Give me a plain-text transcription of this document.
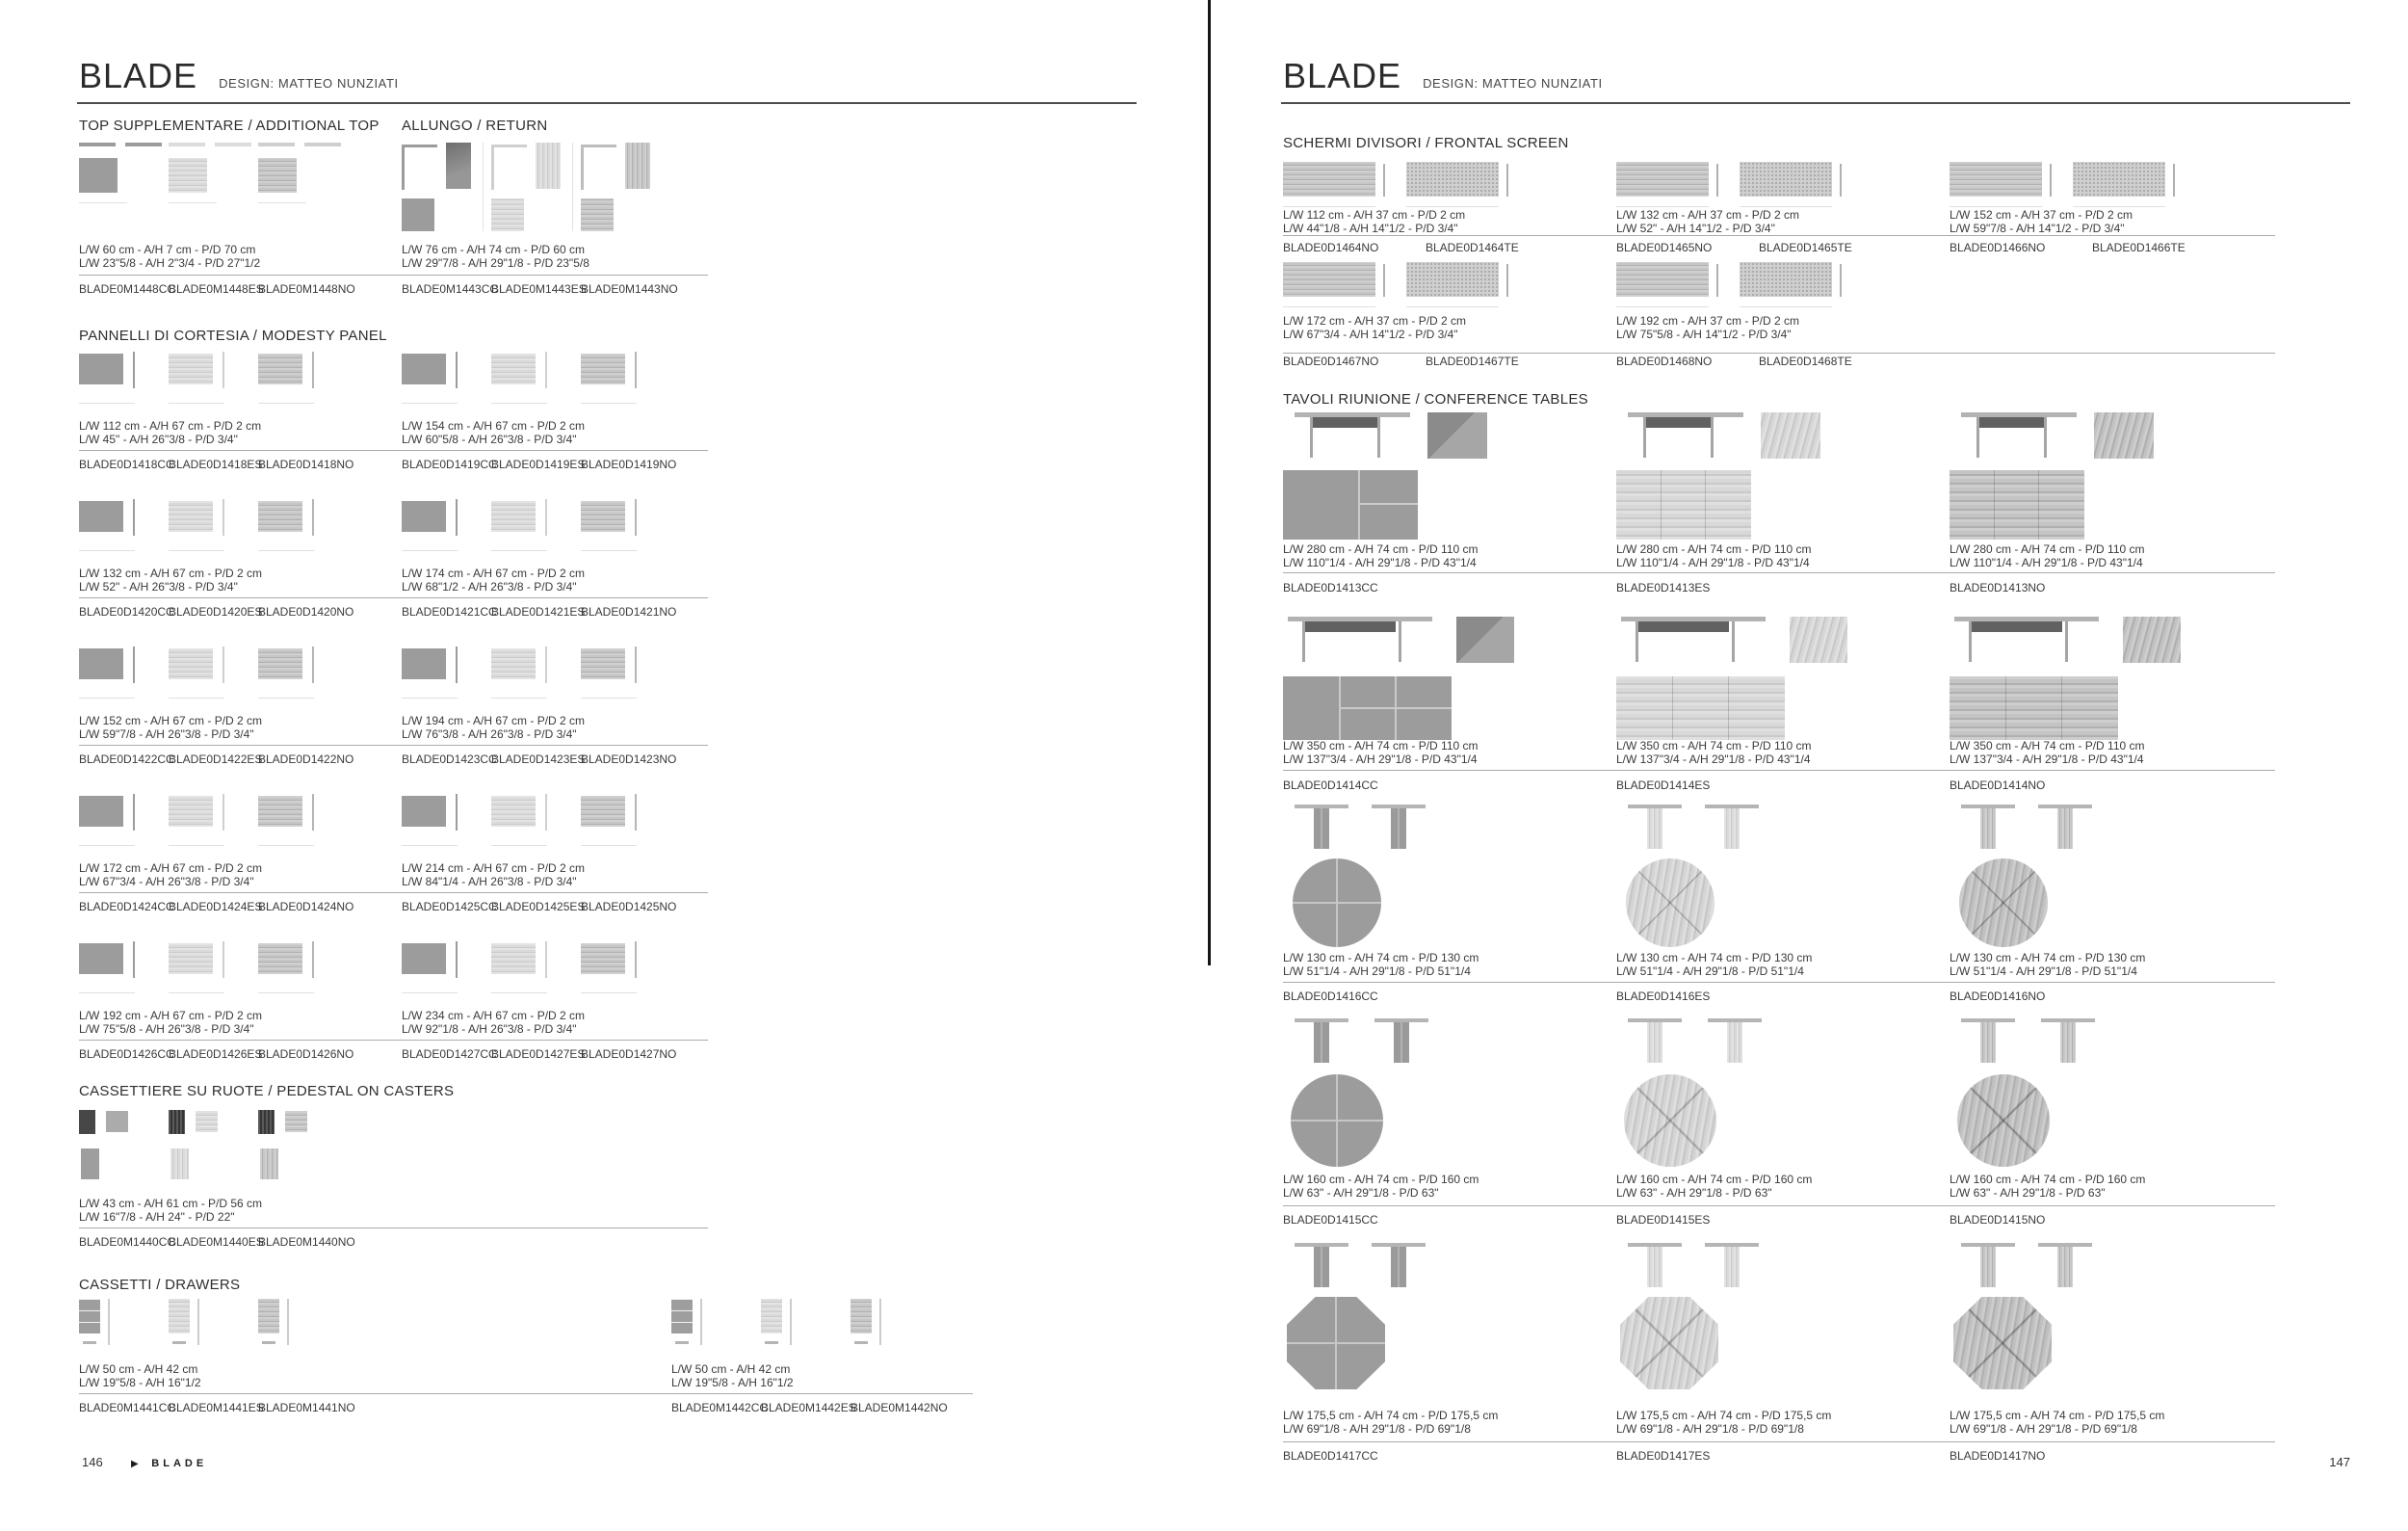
BLADE DESIGN: MATTEO NUNZIATI
TOP SUPPLEMENTARE / ADDITIONAL TOP ALLUNGO / RETURN
L/W 60 cm - A/H 7 cm - P/D 70 cm
L/W 23"5/8 - A/H 2"3/4 - P/D 27"1/2
BLADE0M1448CC
BLADE0M1448ES
BLADE0M1448NO
L/W 76 cm - A/H 74 cm - P/D 60 cm
L/W 29"7/8 - A/H 29"1/8 - P/D 23"5/8
BLADE0M1443CC
BLADE0M1443ES
BLADE0M1443NO
PANNELLI DI CORTESIA / MODESTY PANEL
L/W 112 cm - A/H 67 cm - P/D 2 cm
L/W 45" - A/H 26"3/8 - P/D 3/4"
BLADE0D1418CC
BLADE0D1418ES
BLADE0D1418NO
L/W 154 cm - A/H 67 cm - P/D 2 cm
L/W 60"5/8 - A/H 26"3/8 - P/D 3/4"
BLADE0D1419CC
BLADE0D1419ES
BLADE0D1419NO
L/W 132 cm - A/H 67 cm - P/D 2 cm
L/W 52" - A/H 26"3/8 - P/D 3/4"
BLADE0D1420CC
BLADE0D1420ES
BLADE0D1420NO
L/W 174 cm - A/H 67 cm - P/D 2 cm
L/W 68"1/2 - A/H 26"3/8 - P/D 3/4"
BLADE0D1421CC
BLADE0D1421ES
BLADE0D1421NO
L/W 152 cm - A/H 67 cm - P/D 2 cm
L/W 59"7/8 - A/H 26"3/8 - P/D 3/4"
BLADE0D1422CC
BLADE0D1422ES
BLADE0D1422NO
L/W 194 cm - A/H 67 cm - P/D 2 cm
L/W 76"3/8 - A/H 26"3/8 - P/D 3/4"
BLADE0D1423CC
BLADE0D1423ES
BLADE0D1423NO
L/W 172 cm - A/H 67 cm - P/D 2 cm
L/W 67"3/4 - A/H 26"3/8 - P/D 3/4"
BLADE0D1424CC
BLADE0D1424ES
BLADE0D1424NO
L/W 214 cm - A/H 67 cm - P/D 2 cm
L/W 84"1/4 - A/H 26"3/8 - P/D 3/4"
BLADE0D1425CC
BLADE0D1425ES
BLADE0D1425NO
L/W 192 cm - A/H 67 cm - P/D 2 cm
L/W 75"5/8 - A/H 26"3/8 - P/D 3/4"
BLADE0D1426CC
BLADE0D1426ES
BLADE0D1426NO
L/W 234 cm - A/H 67 cm - P/D 2 cm
L/W 92"1/8 - A/H 26"3/8 - P/D 3/4"
BLADE0D1427CC
BLADE0D1427ES
BLADE0D1427NO
CASSETTIERE SU RUOTE / PEDESTAL ON CASTERS
L/W 43 cm - A/H 61 cm - P/D 56 cm
L/W 16"7/8 - A/H 24" - P/D 22"
BLADE0M1440CC
BLADE0M1440ES
BLADE0M1440NO
CASSETTI / DRAWERS
L/W 50 cm - A/H 42 cm
L/W 19"5/8 - A/H 16"1/2
BLADE0M1441CC
BLADE0M1441ES
BLADE0M1441NO
L/W 50 cm - A/H 42 cm
L/W 19"5/8 - A/H 16"1/2
BLADE0M1442CC
BLADE0M1442ES
BLADE0M1442NO
146	▶ BLADE
BLADE DESIGN: MATTEO NUNZIATI
SCHERMI DIVISORI / FRONTAL SCREEN
L/W 112 cm - A/H 37 cm - P/D 2 cm
L/W 44"1/8 - A/H 14"1/2 - P/D 3/4"
BLADE0D1464NO	BLADE0D1464TE
L/W 132 cm - A/H 37 cm - P/D 2 cm
L/W 52" - A/H 14"1/2 - P/D 3/4"
BLADE0D1465NO	BLADE0D1465TE
L/W 152 cm - A/H 37 cm - P/D 2 cm
L/W 59"7/8 - A/H 14"1/2 - P/D 3/4"
BLADE0D1466NO	BLADE0D1466TE
L/W 172 cm - A/H 37 cm - P/D 2 cm
L/W 67"3/4 - A/H 14"1/2 - P/D 3/4"
BLADE0D1467NO	BLADE0D1467TE
L/W 192 cm - A/H 37 cm - P/D 2 cm
L/W 75"5/8 - A/H 14"1/2 - P/D 3/4"
BLADE0D1468NO	BLADE0D1468TE
TAVOLI RIUNIONE / CONFERENCE TABLES
L/W 280 cm - A/H 74 cm - P/D 110 cm
L/W 110"1/4 - A/H 29"1/8 - P/D 43"1/4
BLADE0D1413CC
L/W 280 cm - A/H 74 cm - P/D 110 cm
L/W 110"1/4 - A/H 29"1/8 - P/D 43"1/4
BLADE0D1413ES
L/W 280 cm - A/H 74 cm - P/D 110 cm
L/W 110"1/4 - A/H 29"1/8 - P/D 43"1/4
BLADE0D1413NO
L/W 350 cm - A/H 74 cm - P/D 110 cm
L/W 137"3/4 - A/H 29"1/8 - P/D 43"1/4
BLADE0D1414CC
L/W 350 cm - A/H 74 cm - P/D 110 cm
L/W 137"3/4 - A/H 29"1/8 - P/D 43"1/4
BLADE0D1414ES
L/W 350 cm - A/H 74 cm - P/D 110 cm
L/W 137"3/4 - A/H 29"1/8 - P/D 43"1/4
BLADE0D1414NO
L/W 130 cm - A/H 74 cm - P/D 130 cm
L/W 51"1/4 - A/H 29"1/8 - P/D 51"1/4
BLADE0D1416CC
L/W 130 cm - A/H 74 cm - P/D 130 cm
L/W 51"1/4 - A/H 29"1/8 - P/D 51"1/4
BLADE0D1416ES
L/W 130 cm - A/H 74 cm - P/D 130 cm
L/W 51"1/4 - A/H 29"1/8 - P/D 51"1/4
BLADE0D1416NO
L/W 160 cm - A/H 74 cm - P/D 160 cm
L/W 63" - A/H 29"1/8 - P/D 63"
BLADE0D1415CC
L/W 160 cm - A/H 74 cm - P/D 160 cm
L/W 63" - A/H 29"1/8 - P/D 63"
BLADE0D1415ES
L/W 160 cm - A/H 74 cm - P/D 160 cm
L/W 63" - A/H 29"1/8 - P/D 63"
BLADE0D1415NO
L/W 175,5 cm - A/H 74 cm - P/D 175,5 cm
L/W 69"1/8 - A/H 29"1/8 - P/D 69"1/8
BLADE0D1417CC
L/W 175,5 cm - A/H 74 cm - P/D 175,5 cm
L/W 69"1/8 - A/H 29"1/8 - P/D 69"1/8
BLADE0D1417ES
L/W 175,5 cm - A/H 74 cm - P/D 175,5 cm
L/W 69"1/8 - A/H 29"1/8 - P/D 69"1/8
BLADE0D1417NO	147
